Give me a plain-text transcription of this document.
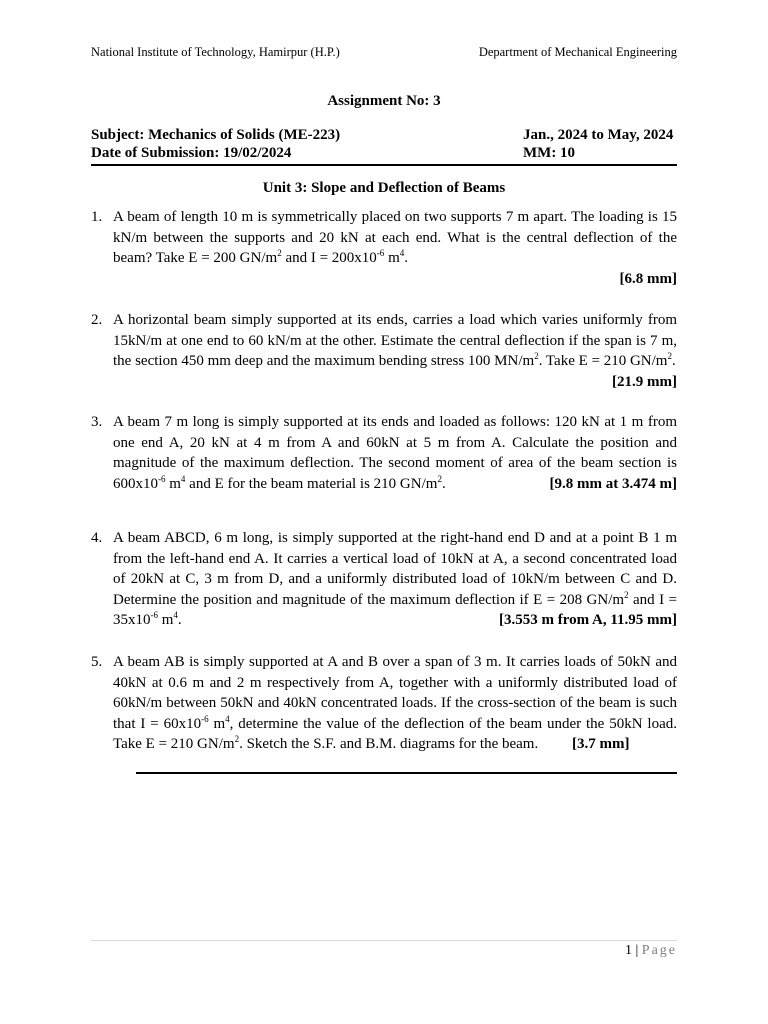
National Institute of Technology, Hamirpur (H.P.)	Department of Mechanical Engineering
Assignment No: 3
Subject: Mechanics of Solids (ME-223)	Jan., 2024 to May, 2024
Date of Submission: 19/02/2024	MM: 10
Unit 3: Slope and Deflection of Beams
1. A beam of length 10 m is symmetrically placed on two supports 7 m apart. The loading is 15 kN/m between the supports and 20 kN at each end. What is the central deflection of the beam? Take E = 200 $GN/m^2$ and $I = 200x10^{-6}$ $m^4$.
[6.8 mm]
2. A horizontal beam simply supported at its ends, carries a load which varies uniformly from 15kN/m at one end to 60 kN/m at the other. Estimate the central deflection if the span is 7 m, the section 450 mm deep and the maximum bending stress 100 $MN/m^2$. Take E = 210 $GN/m^2$.
[21.9 mm]
3. A beam 7 m long is simply supported at its ends and loaded as follows: 120 kN at 1 m from one end A, 20 kN at 4 m from A and 60kN at 5 m from A. Calculate the position and magnitude of the maximum deflection. The second moment of area of the beam section is $600x10^{-6}$ $m^4$ and E for the beam material is 210 $GN/m^2$.	[9.8 mm at 3.474 m]
4. A beam ABCD, 6 m long, is simply supported at the right-hand end D and at a point B 1 m from the left-hand end A. It carries a vertical load of 10kN at A, a second concentrated load of 20kN at C, 3 m from D, and a uniformly distributed load of 10kN/m between C and D. Determine the position and magnitude of the maximum deflection if E = 208 $GN/m^2$ and $I = 35x10^{-6}$ $m^4$.	[3.553 m from A, 11.95 mm]
5. A beam AB is simply supported at A and B over a span of 3 m. It carries loads of 50kN and 40kN at 0.6 m and 2 m respectively from A, together with a uniformly distributed load of 60kN/m between 50kN and 40kN concentrated loads. If the cross-section of the beam is such that $I = 60x10^{-6}$ $m^4$, determine the value of the deflection of the beam under the 50kN load. Take E = 210 $GN/m^2$. Sketch the S.F. and B.M. diagrams for the beam. [3.7 mm]
1 | Page
